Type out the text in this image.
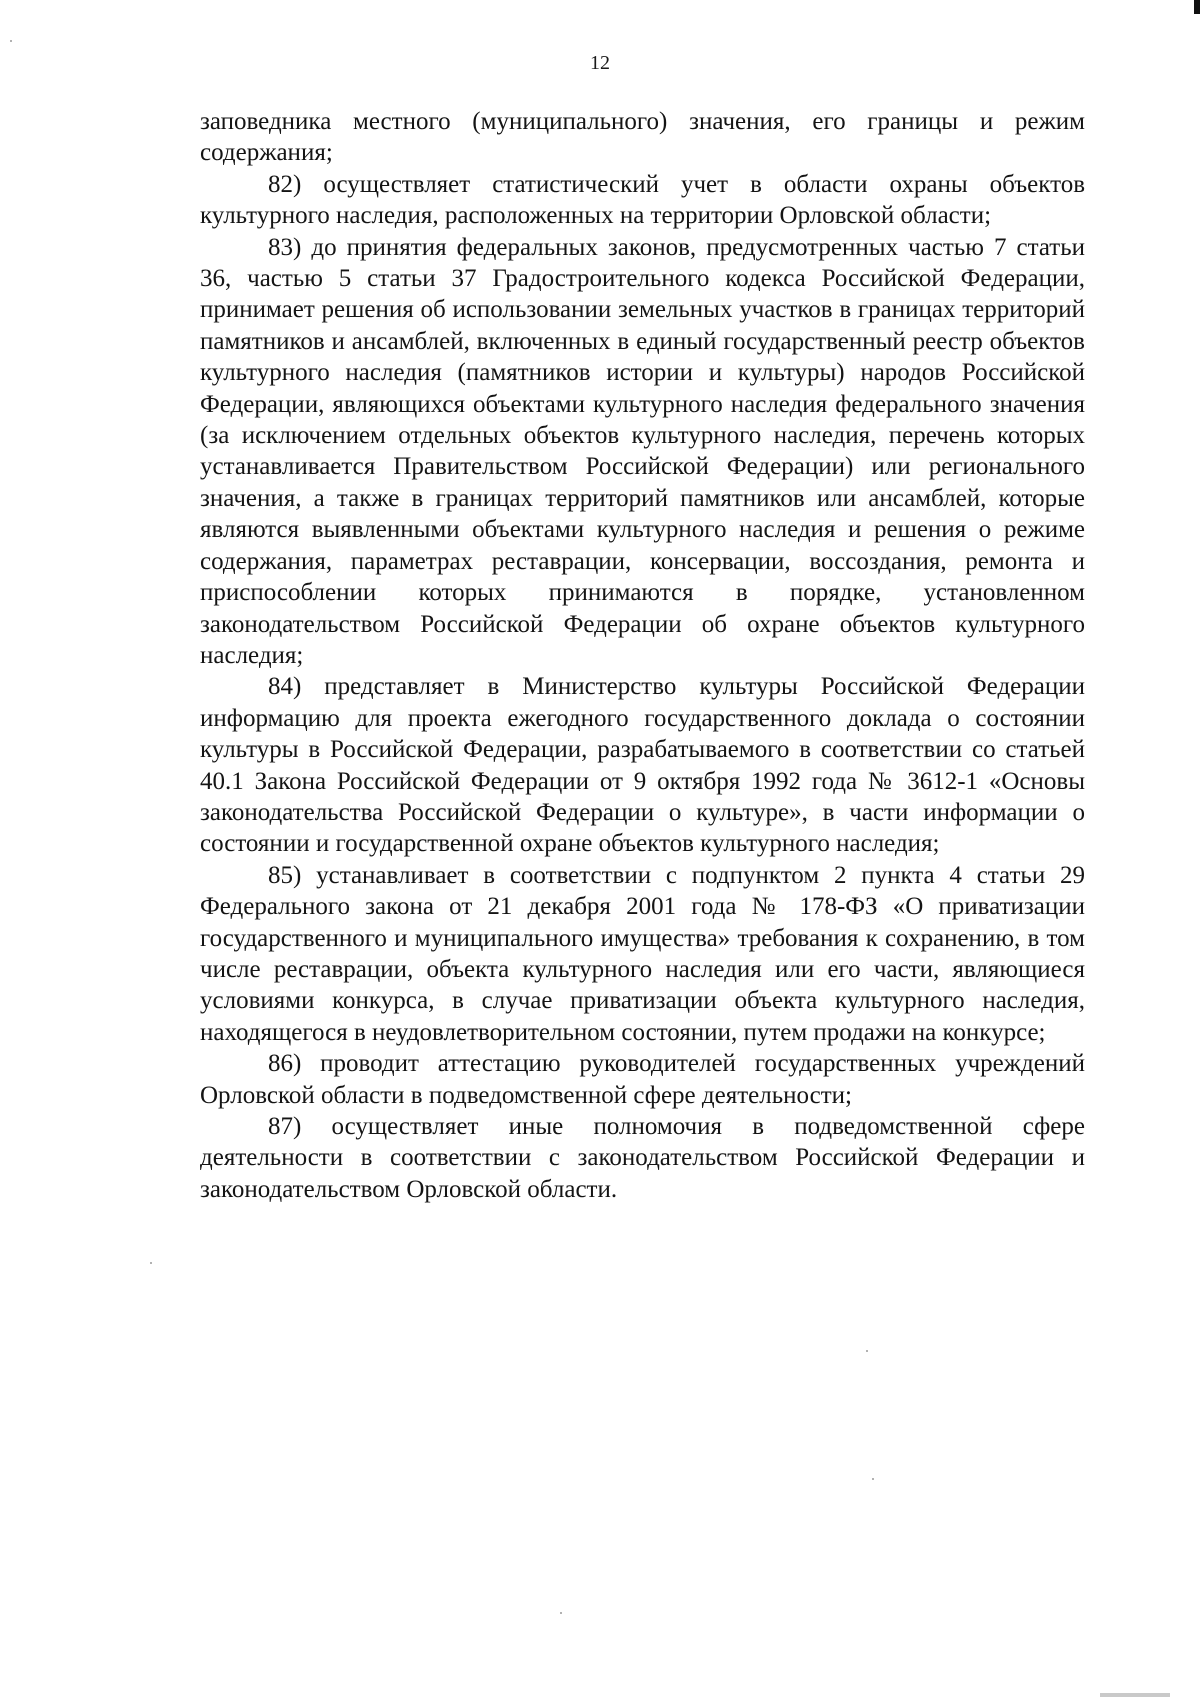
12

заповедника местного (муниципального) значения, его границы и режим содержания;

82) осуществляет статистический учет в области охраны объектов культурного наследия, расположенных на территории Орловской области;

83) до принятия федеральных законов, предусмотренных частью 7 статьи 36, частью 5 статьи 37 Градостроительного кодекса Российской Федерации, принимает решения об использовании земельных участков в границах территорий памятников и ансамблей, включенных в единый государственный реестр объектов культурного наследия (памятников истории и культуры) народов Российской Федерации, являющихся объектами культурного наследия федерального значения (за исключением отдельных объектов культурного наследия, перечень которых устанавливается Правительством Российской Федерации) или регионального значения, а также в границах территорий памятников или ансамблей, которые являются выявленными объектами культурного наследия и решения о режиме содержания, параметрах реставрации, консервации, воссоздания, ремонта и приспособлении которых принимаются в порядке, установленном законодательством Российской Федерации об охране объектов культурного наследия;

84) представляет в Министерство культуры Российской Федерации информацию для проекта ежегодного государственного доклада о состоянии культуры в Российской Федерации, разрабатываемого в соответствии со статьей 40.1 Закона Российской Федерации от 9 октября 1992 года № 3612-1 «Основы законодательства Российской Федерации о культуре», в части информации о состоянии и государственной охране объектов культурного наследия;

85) устанавливает в соответствии с подпунктом 2 пункта 4 статьи 29 Федерального закона от 21 декабря 2001 года № 178-ФЗ «О приватизации государственного и муниципального имущества» требования к сохранению, в том числе реставрации, объекта культурного наследия или его части, являющиеся условиями конкурса, в случае приватизации объекта культурного наследия, находящегося в неудовлетворительном состоянии, путем продажи на конкурсе;

86) проводит аттестацию руководителей государственных учреждений Орловской области в подведомственной сфере деятельности;

87) осуществляет иные полномочия в подведомственной сфере деятельности в соответствии с законодательством Российской Федерации и законодательством Орловской области.
